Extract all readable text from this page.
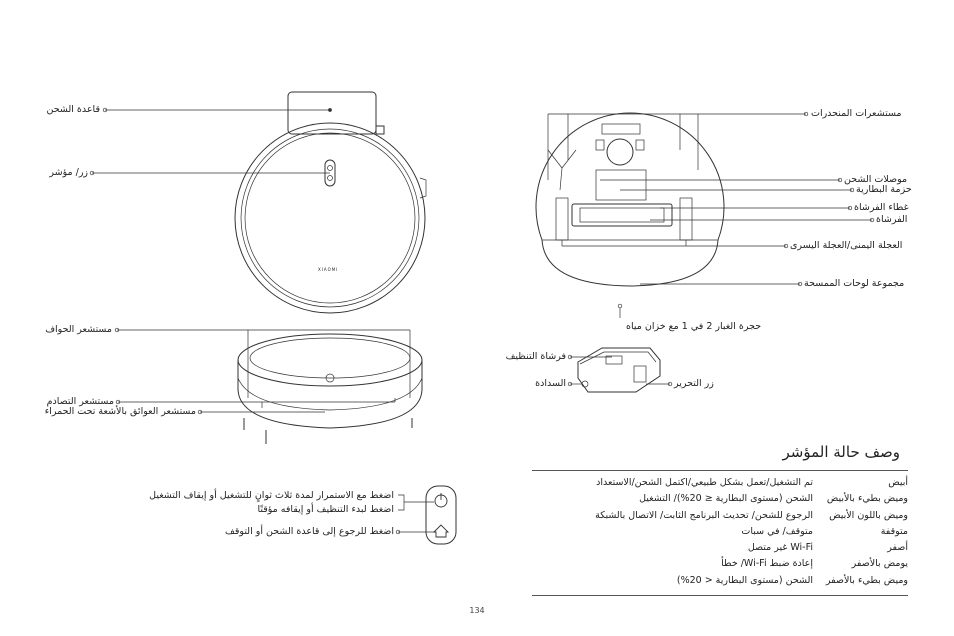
XIAOMI
قاعدة الشحن
زر/ مؤشر
مستشعر الحواف
مستشعر التصادم
مستشعر العوائق بالأشعة تحت الحمراء
مستشعرات المنحدرات
موصلات الشحن
حزمة البطارية
غطاء الفرشاة
الفرشاة
العجلة اليمنى/العجلة اليسرى
مجموعة لوحات الممسحة
حجرة الغبار 2 في 1 مع خزان مياه
فرشاة التنظيف
السدادة	زر التحرير
اضغط مع الاستمرار لمدة ثلاث ثوانٍ للتشغيل أو إيقاف التشغيل
اضغط لبدء التنظيف أو إيقافه مؤقتًا
اضغط للرجوع إلى قاعدة الشحن أو التوقف
وصف حالة المؤشر
أبيض
تم التشغيل/تعمل بشكل طبيعي/اكتمل الشحن/الاستعداد
وميض بطيء بالأبيض
الشحن (مستوى البطارية ≤ 20%)/ التشغيل
وميض باللون الأبيض
الرجوع للشحن/ تحديث البرنامج الثابت/ الاتصال بالشبكة
متوقفة
متوقف/ في سبات
أصفر
Wi-Fi غير متصل
يومض بالأصفر
إعادة ضبط Wi-Fi/ خطأ
وميض بطيء بالأصفر
الشحن (مستوى البطارية < 20%)
134
